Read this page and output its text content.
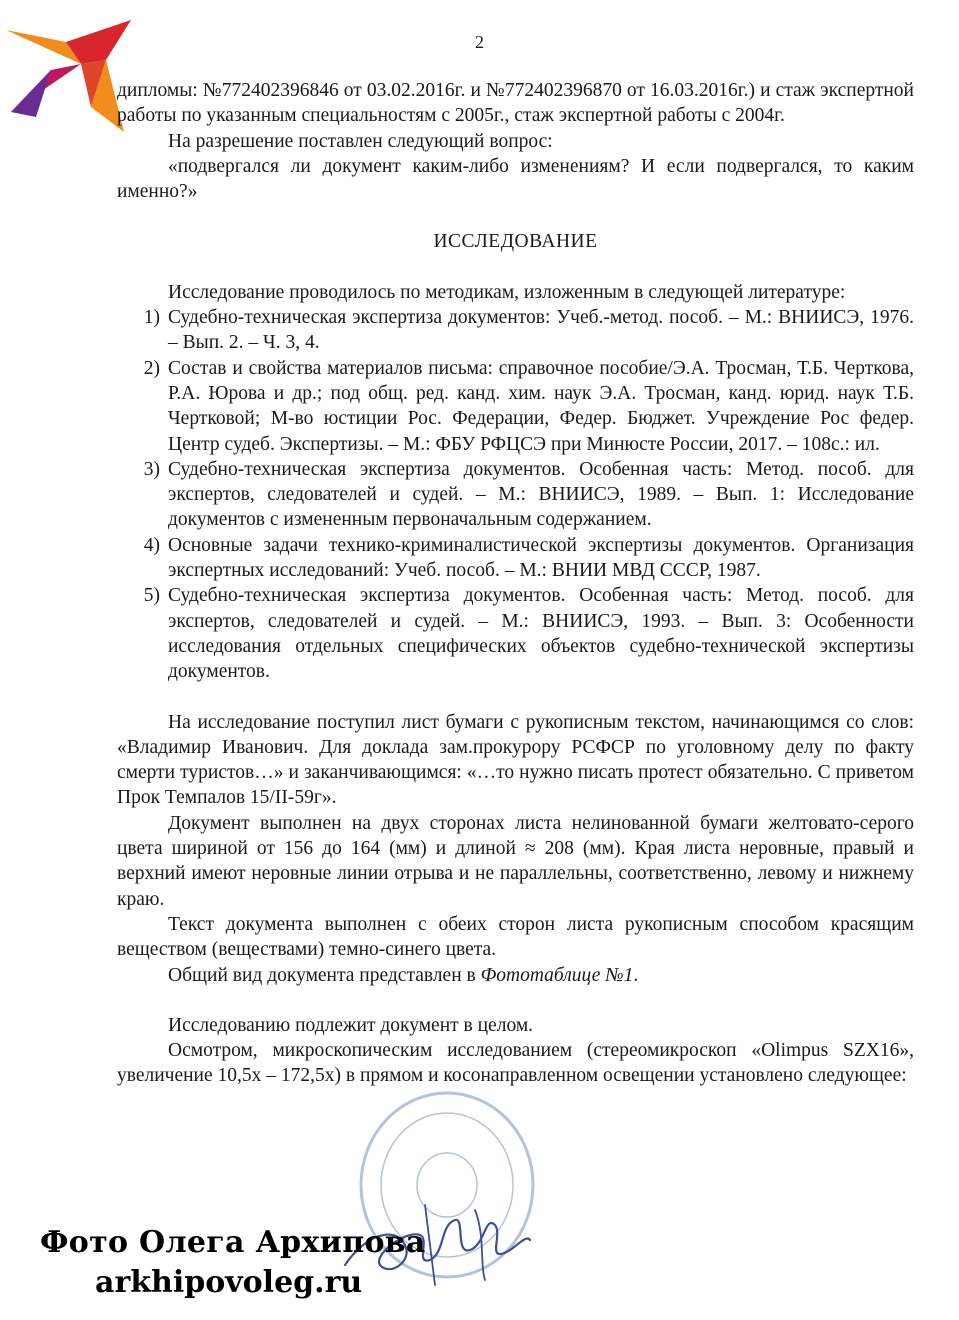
2

дипломы: №772402396846 от 03.02.2016г. и №772402396870 от 16.03.2016г.) и стаж экспертной работы по указанным специальностям с 2005г., стаж экспертной работы с 2004г.

На разрешение поставлен следующий вопрос:

«подвергался ли документ каким-либо изменениям? И если подвергался, то каким именно?»

ИССЛЕДОВАНИЕ

Исследование проводилось по методикам, изложенным в следующей литературе:

1) Судебно-техническая экспертиза документов: Учеб.-метод. пособ. – М.: ВНИИСЭ, 1976. – Вып. 2. – Ч. 3, 4.
2) Состав и свойства материалов письма: справочное пособие/Э.А. Тросман, Т.Б. Черткова, Р.А. Юрова и др.; под общ. ред. канд. хим. наук Э.А. Тросман, канд. юрид. наук Т.Б. Чертковой; М-во юстиции Рос. Федерации, Федер. Бюджет. Учреждение Рос федер. Центр судеб. Экспертизы. – М.: ФБУ РФЦСЭ при Минюсте России, 2017. – 108с.: ил.
3) Судебно-техническая экспертиза документов. Особенная часть: Метод. пособ. для экспертов, следователей и судей. – М.: ВНИИСЭ, 1989. – Вып. 1: Исследование документов с измененным первоначальным содержанием.
4) Основные задачи технико-криминалистической экспертизы документов. Организация экспертных исследований: Учеб. пособ. – М.: ВНИИ МВД СССР, 1987.
5) Судебно-техническая экспертиза документов. Особенная часть: Метод. пособ. для экспертов, следователей и судей. – М.: ВНИИСЭ, 1993. – Вып. 3: Особенности исследования отдельных специфических объектов судебно-технической экспертизы документов.

На исследование поступил лист бумаги с рукописным текстом, начинающимся со слов: «Владимир Иванович. Для доклада зам.прокурору РСФСР по уголовному делу по факту смерти туристов…» и заканчивающимся: «…то нужно писать протест обязательно. С приветом Прок Темпалов 15/II-59г».

Документ выполнен на двух сторонах листа нелинованной бумаги желтовато-серого цвета шириной от 156 до 164 (мм) и длиной ≈ 208 (мм). Края листа неровные, правый и верхний имеют неровные линии отрыва и не параллельны, соответственно, левому и нижнему краю.

Текст документа выполнен с обеих сторон листа рукописным способом красящим веществом (веществами) темно-синего цвета.

Общий вид документа представлен в Фототаблице №1.

Исследованию подлежит документ в целом.

Осмотром, микроскопическим исследованием (стереомикроскоп «Olimpus SZX16», увеличение 10,5x – 172,5x) в прямом и косонаправленном освещении установлено следующее:

Фото Олега Архипова
arkhipovoleg.ru
